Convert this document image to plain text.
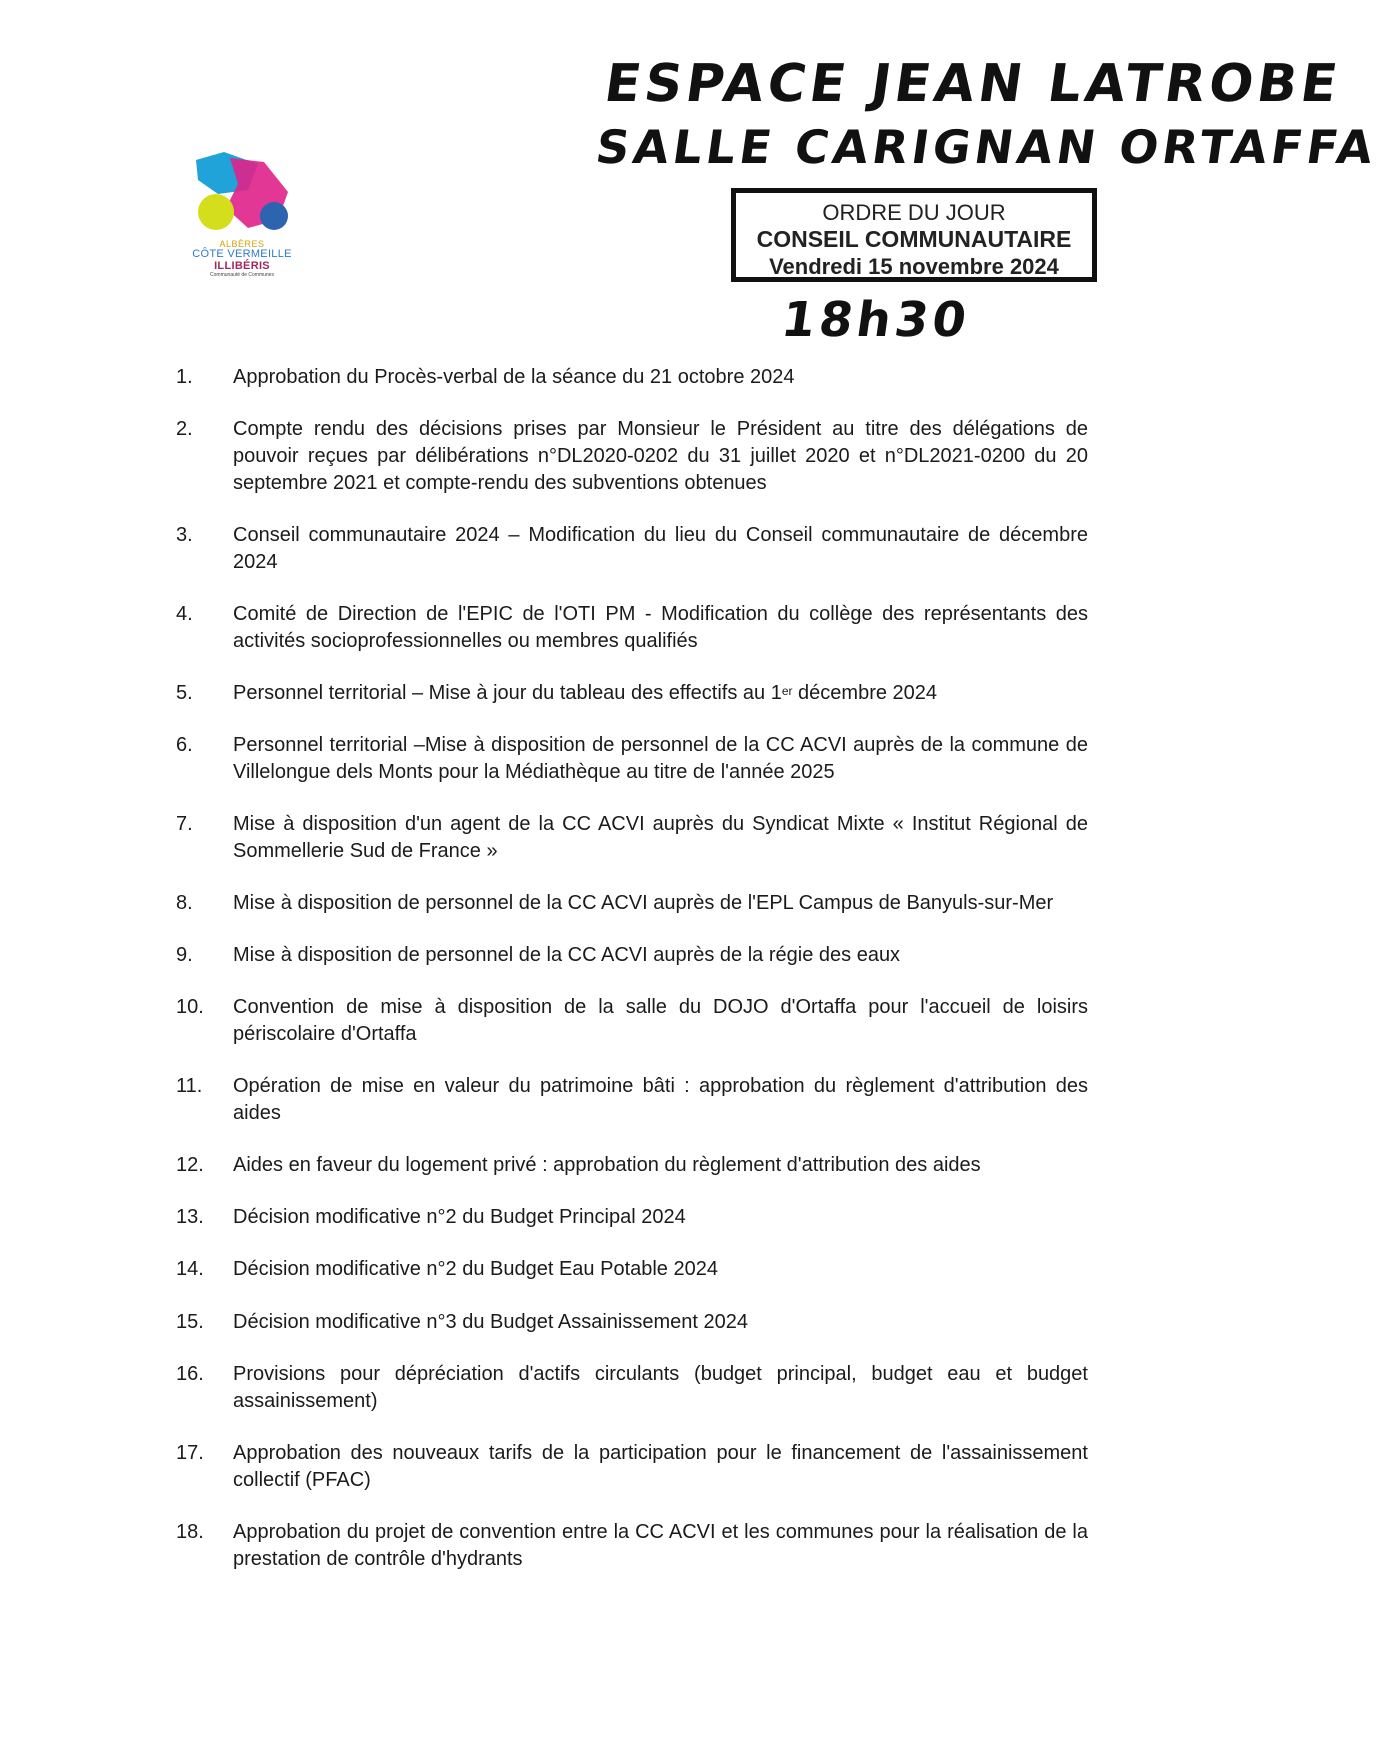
ALBÈRES
CÔTE VERMEILLE
ILLIBÉRIS
Communauté de Communes
ESPACE JEAN LATROBE
SALLE CARIGNAN ORTAFFA
ORDRE DU JOUR
CONSEIL COMMUNAUTAIRE
Vendredi 15 novembre 2024
18h30
1.	Approbation du Procès-verbal de la séance du 21 octobre 2024
2.	Compte rendu des décisions prises par Monsieur le Président au titre des délégations de pouvoir reçues par délibérations n°DL2020-0202 du 31 juillet 2020 et n°DL2021-0200 du 20 septembre 2021 et compte-rendu des subventions obtenues
3.	Conseil communautaire 2024 – Modification du lieu du Conseil communautaire de décembre 2024
4.	Comité de Direction de l'EPIC de l'OTI PM - Modification du collège des représentants des activités socioprofessionnelles ou membres qualifiés
5.	Personnel territorial – Mise à jour du tableau des effectifs au 1er décembre 2024
6.	Personnel territorial –Mise à disposition de personnel de la CC ACVI auprès de la commune de Villelongue dels Monts pour la Médiathèque au titre de l'année 2025
7.	Mise à disposition d'un agent de la CC ACVI auprès du Syndicat Mixte « Institut Régional de Sommellerie Sud de France »
8.	Mise à disposition de personnel de la CC ACVI auprès de l'EPL Campus de Banyuls-sur-Mer
9.	Mise à disposition de personnel de la CC ACVI auprès de la régie des eaux
10.	Convention de mise à disposition de la salle du DOJO d'Ortaffa pour l'accueil de loisirs périscolaire d'Ortaffa
11.	Opération de mise en valeur du patrimoine bâti : approbation du règlement d'attribution des aides
12.	Aides en faveur du logement privé : approbation du règlement d'attribution des aides
13.	Décision modificative n°2 du Budget Principal 2024
14.	Décision modificative n°2 du Budget Eau Potable 2024
15.	Décision modificative n°3 du Budget Assainissement 2024
16.	Provisions pour dépréciation d'actifs circulants (budget principal, budget eau et budget assainissement)
17.	Approbation des nouveaux tarifs de la participation pour le financement de l'assainissement collectif (PFAC)
18.	Approbation du projet de convention entre la CC ACVI et les communes pour la réalisation de la prestation de contrôle d'hydrants
